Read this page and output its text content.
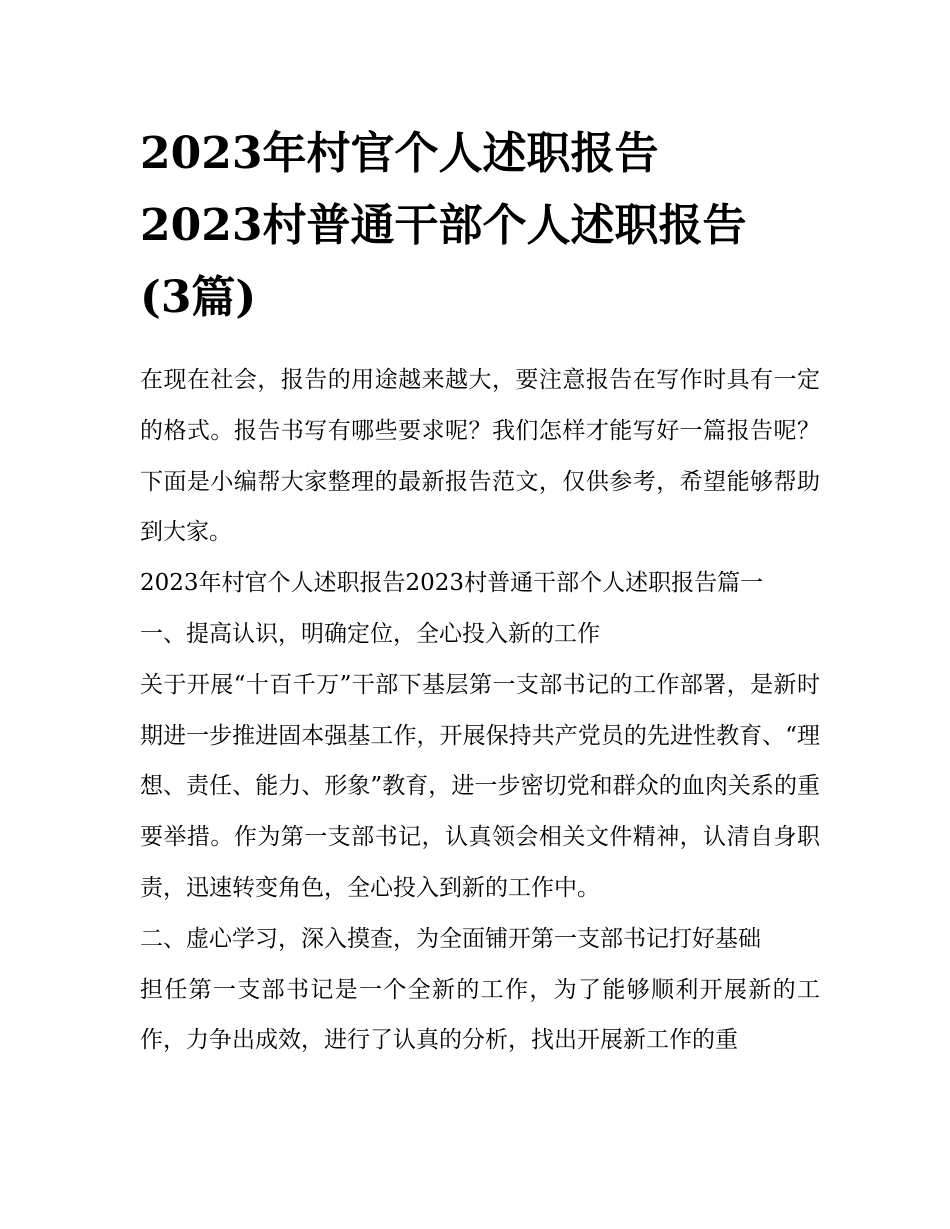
2023年村官个人述职报告
2023村普通干部个人述职报告
(3篇)

在现在社会，报告的用途越来越大，要注意报告在写作时具有一定的格式。报告书写有哪些要求呢？我们怎样才能写好一篇报告呢？下面是小编帮大家整理的最新报告范文，仅供参考，希望能够帮助到大家。

2023年村官个人述职报告2023村普通干部个人述职报告篇一

一、提高认识，明确定位，全心投入新的工作

关于开展“十百千万”干部下基层第一支部书记的工作部署，是新时期进一步推进固本强基工作，开展保持共产党员的先进性教育、“理想、责任、能力、形象”教育，进一步密切党和群众的血肉关系的重要举措。作为第一支部书记，认真领会相关文件精神，认清自身职责，迅速转变角色，全心投入到新的工作中。

二、虚心学习，深入摸查，为全面铺开第一支部书记打好基础

担任第一支部书记是一个全新的工作，为了能够顺利开展新的工作，力争出成效，进行了认真的分析，找出开展新工作的重
